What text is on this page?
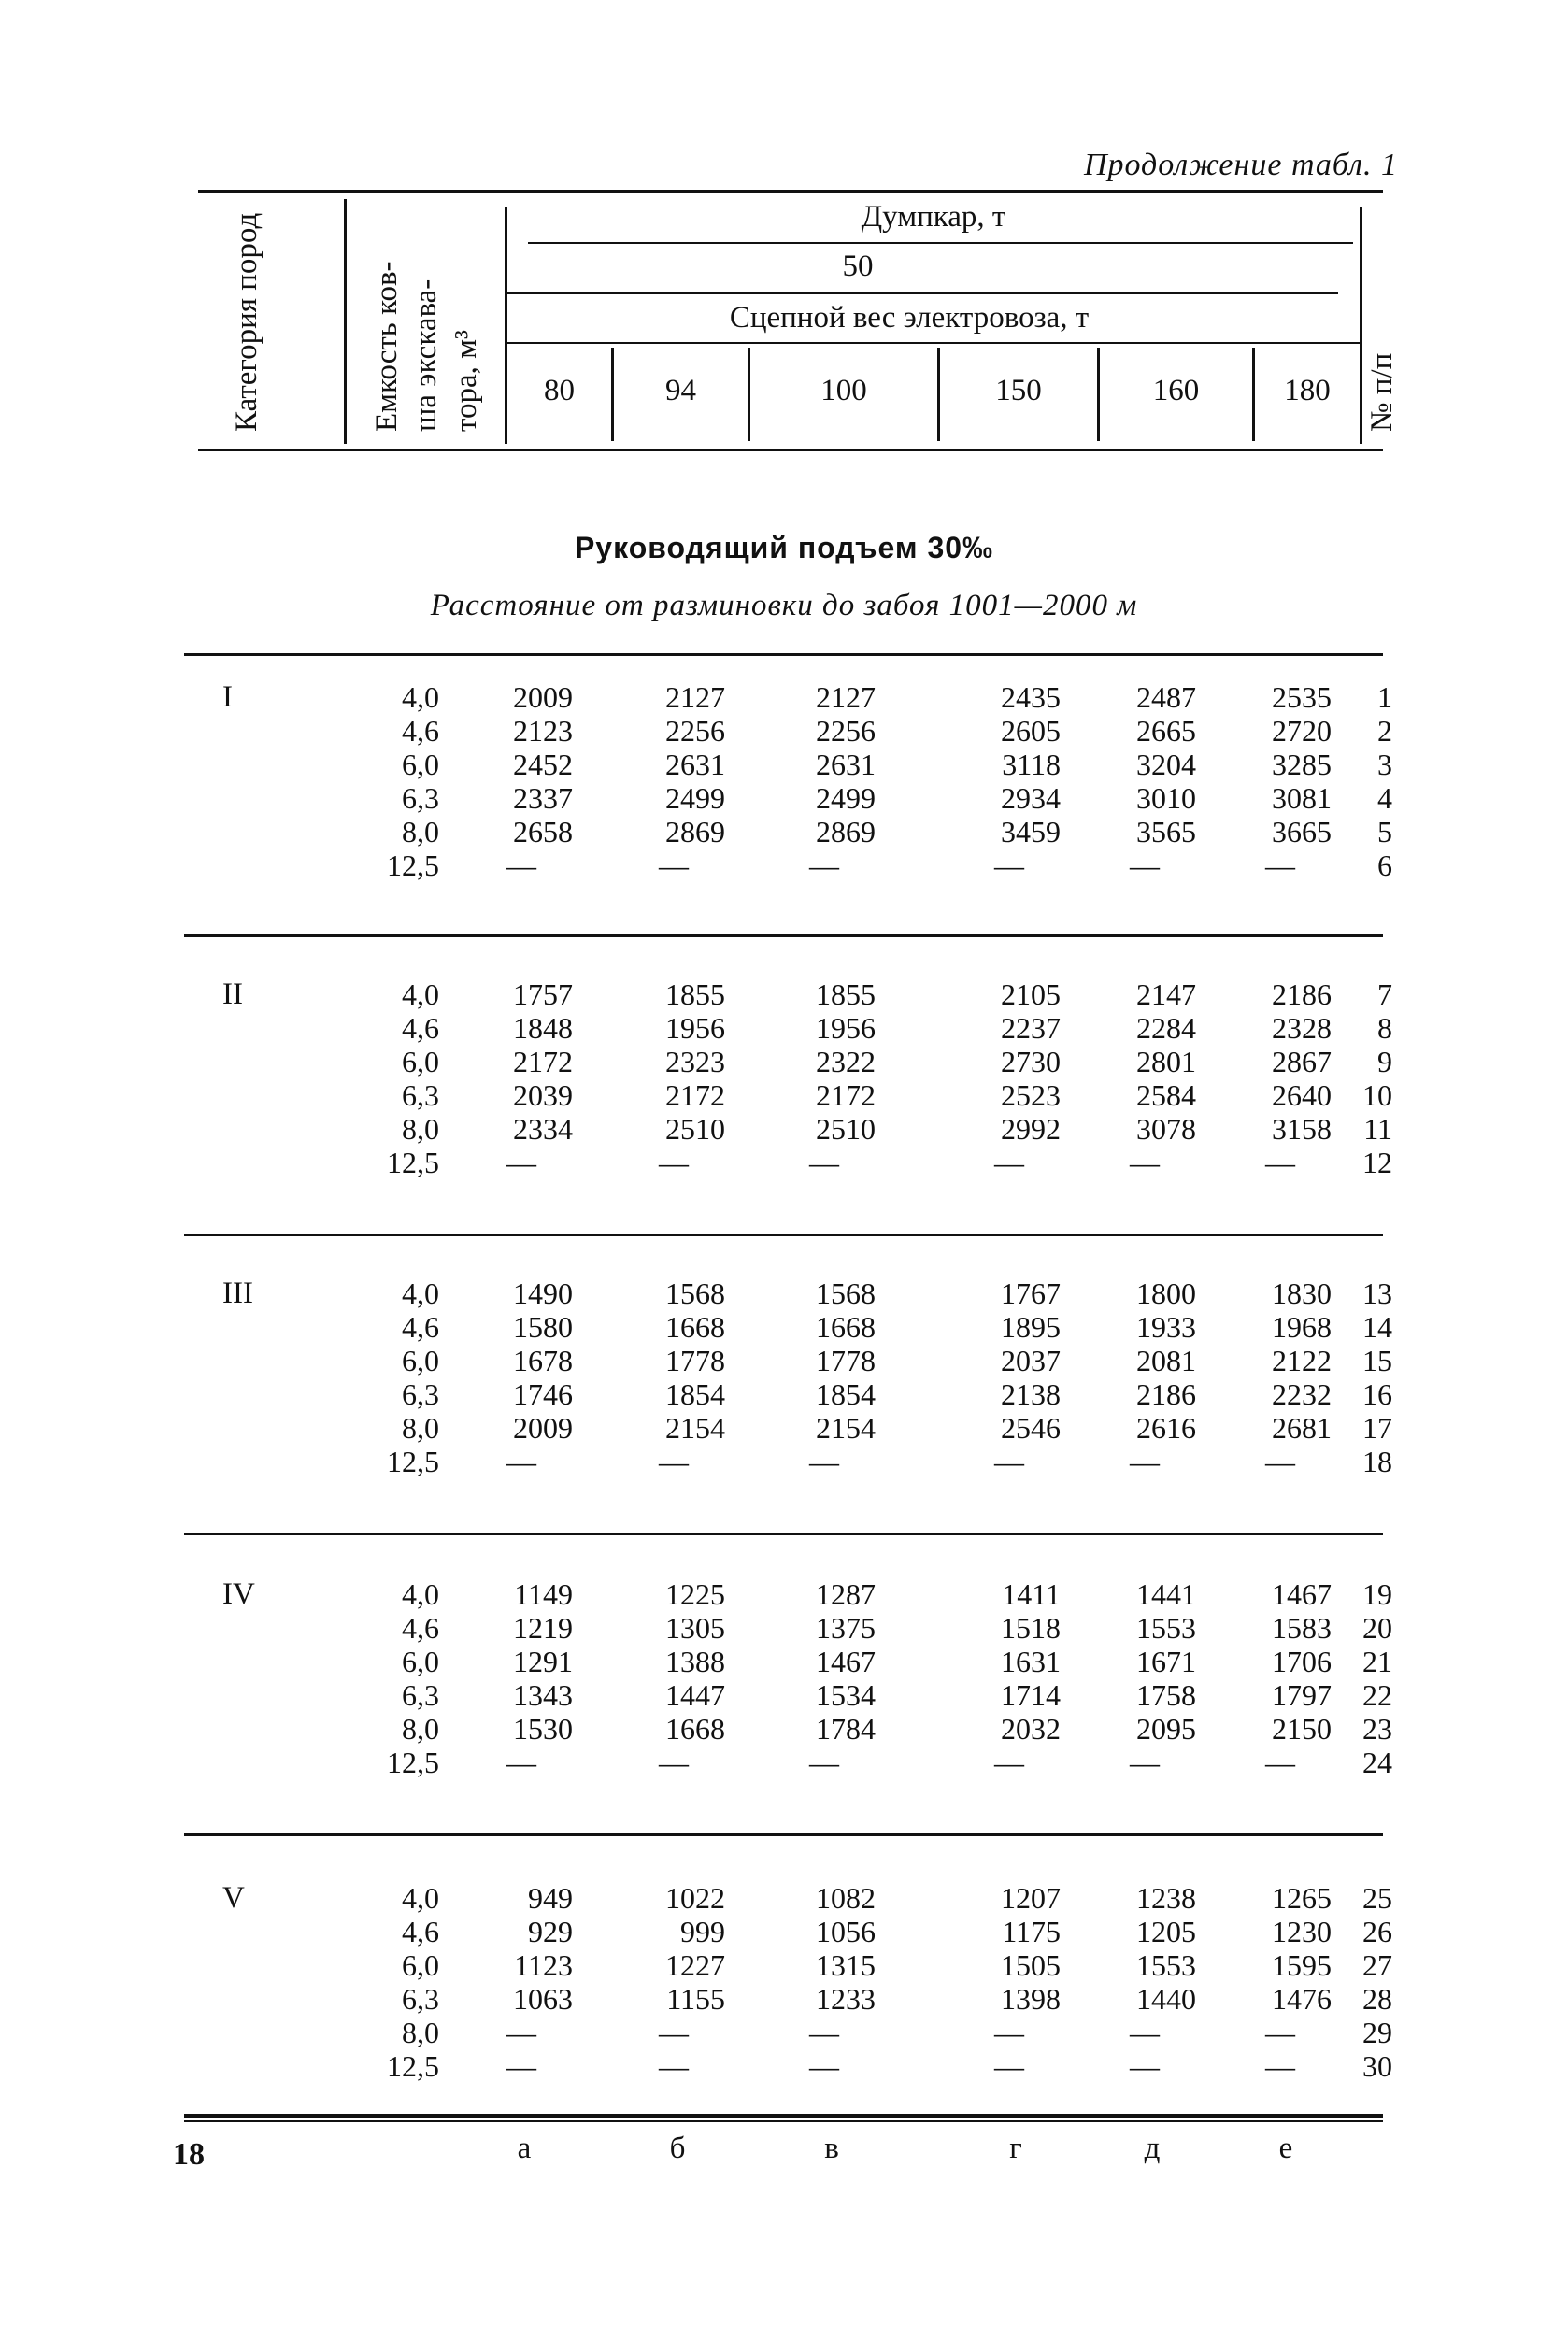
Продолжение табл. 1
Категория пород	Емкость ков- ша экскава- тора, м³	№ п/п
Думпкар, т
50
Сцепной вес электровоза, т
80	94	100	150	160	180
Руководящий подъем 30‰
Расстояние от разминовки до забоя 1001—2000 м
I	4,0	2009	2127	2127	2435	2487	2535	1
4,6	2123	2256	2256	2605	2665	2720	2
6,0	2452	2631	2631	3118	3204	3285	3
6,3	2337	2499	2499	2934	3010	3081	4
8,0	2658	2869	2869	3459	3565	3665	5
12,5	—	—	—	—	—	—	6
II	4,0	1757	1855	1855	2105	2147	2186	7
4,6	1848	1956	1956	2237	2284	2328	8
6,0	2172	2323	2322	2730	2801	2867	9
6,3	2039	2172	2172	2523	2584	2640	10
8,0	2334	2510	2510	2992	3078	3158	11
12,5	—	—	—	—	—	—	12
III	4,0	1490	1568	1568	1767	1800	1830	13
4,6	1580	1668	1668	1895	1933	1968	14
6,0	1678	1778	1778	2037	2081	2122	15
6,3	1746	1854	1854	2138	2186	2232	16
8,0	2009	2154	2154	2546	2616	2681	17
12,5	—	—	—	—	—	—	18
IV	4,0	1149	1225	1287	1411	1441	1467	19
4,6	1219	1305	1375	1518	1553	1583	20
6,0	1291	1388	1467	1631	1671	1706	21
6,3	1343	1447	1534	1714	1758	1797	22
8,0	1530	1668	1784	2032	2095	2150	23
12,5	—	—	—	—	—	—	24
V	4,0	949	1022	1082	1207	1238	1265	25
4,6	929	999	1056	1175	1205	1230	26
6,0	1123	1227	1315	1505	1553	1595	27
6,3	1063	1155	1233	1398	1440	1476	28
8,0	—	—	—	—	—	—	29
12,5	—	—	—	—	—	—	30
а	б	в	г	д	е
18
